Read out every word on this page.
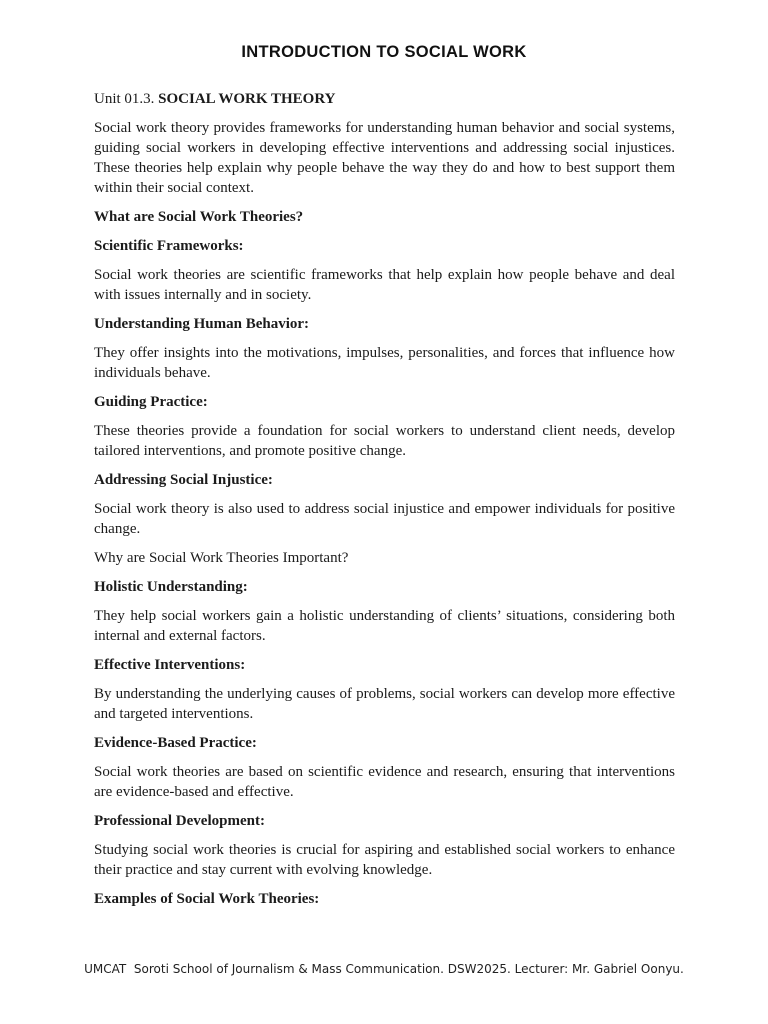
INTRODUCTION TO SOCIAL WORK

Unit 01.3. SOCIAL WORK THEORY

Social work theory provides frameworks for understanding human behavior and social systems, guiding social workers in developing effective interventions and addressing social injustices. These theories help explain why people behave the way they do and how to best support them within their social context.

What are Social Work Theories?

Scientific Frameworks:

Social work theories are scientific frameworks that help explain how people behave and deal with issues internally and in society.

Understanding Human Behavior:

They offer insights into the motivations, impulses, personalities, and forces that influence how individuals behave.

Guiding Practice:

These theories provide a foundation for social workers to understand client needs, develop tailored interventions, and promote positive change.

Addressing Social Injustice:

Social work theory is also used to address social injustice and empower individuals for positive change.

Why are Social Work Theories Important?

Holistic Understanding:

They help social workers gain a holistic understanding of clients’ situations, considering both internal and external factors.

Effective Interventions:

By understanding the underlying causes of problems, social workers can develop more effective and targeted interventions.

Evidence-Based Practice:

Social work theories are based on scientific evidence and research, ensuring that interventions are evidence-based and effective.

Professional Development:

Studying social work theories is crucial for aspiring and established social workers to enhance their practice and stay current with evolving knowledge.

Examples of Social Work Theories:

UMCAT  Soroti School of Journalism & Mass Communication. DSW2025. Lecturer: Mr. Gabriel Oonyu.
